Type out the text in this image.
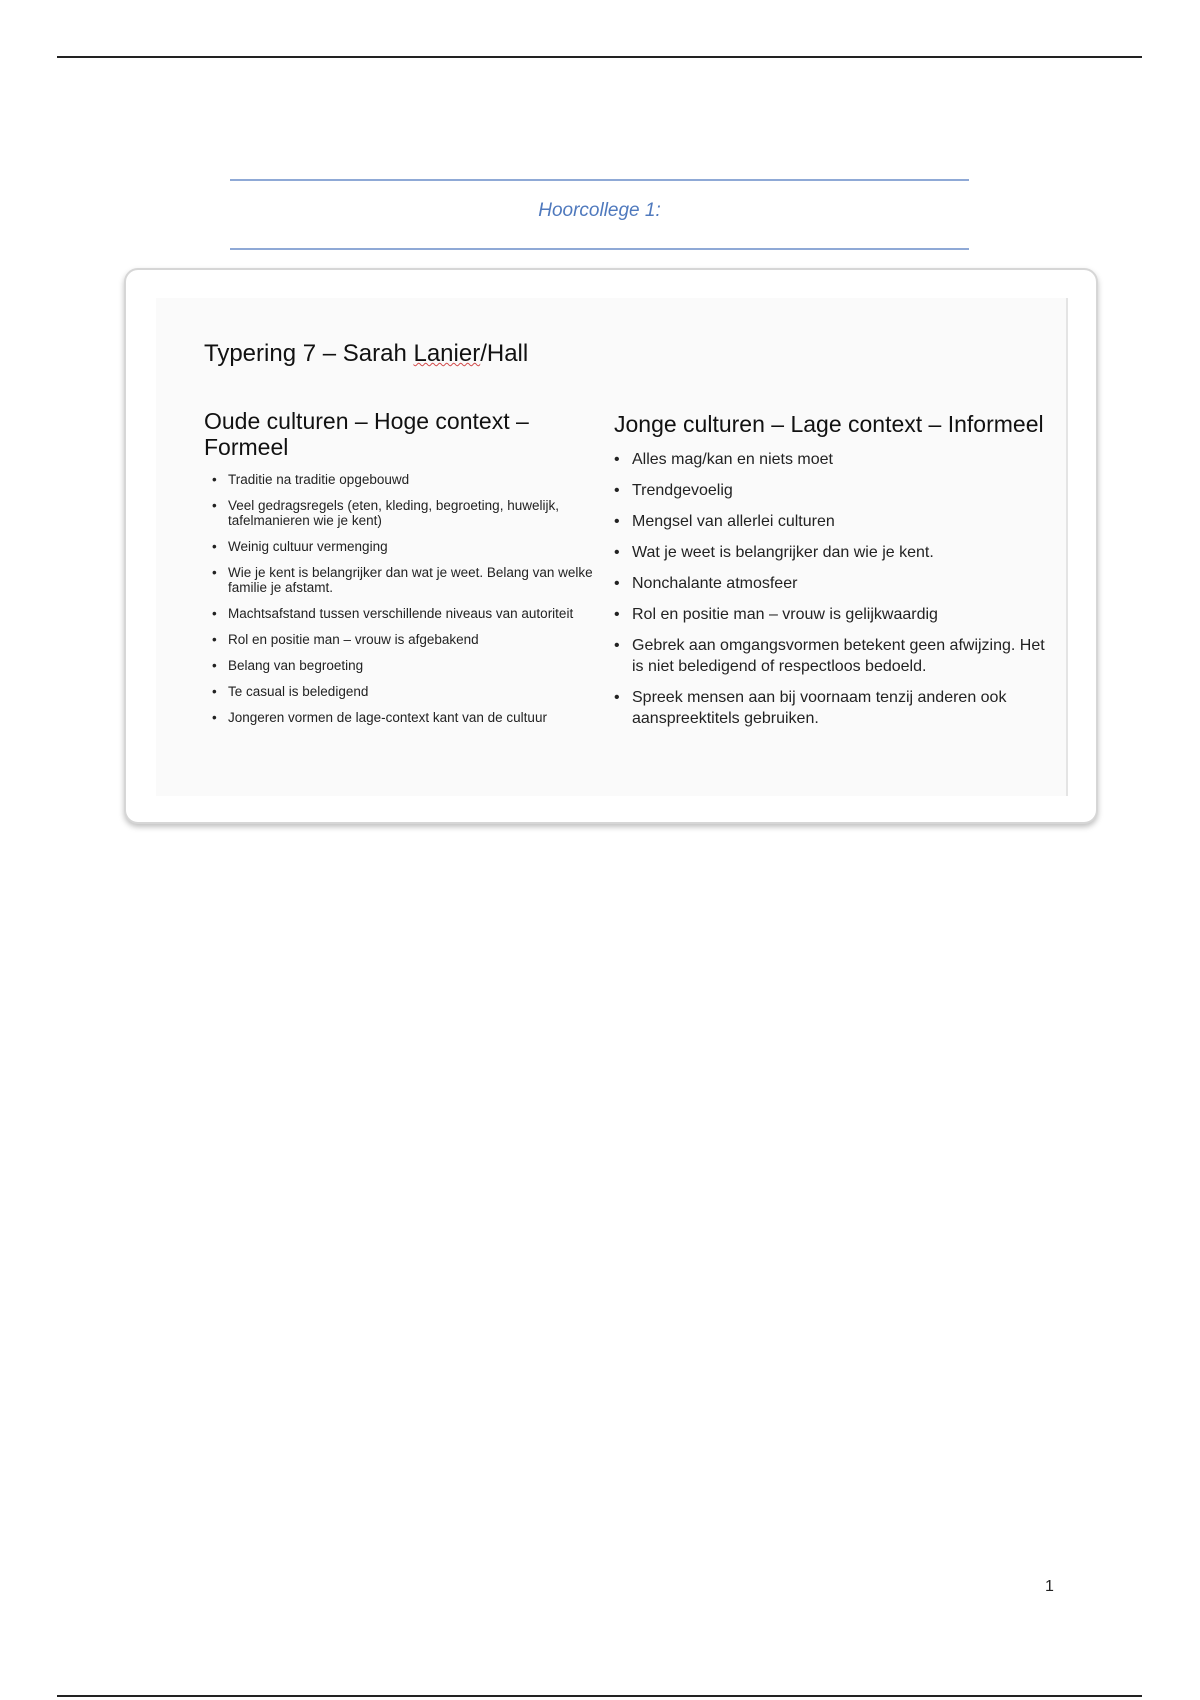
Hoorcollege 1:
Typering 7 – Sarah Lanier/Hall
Oude culturen – Hoge context – Formeel
• Traditie na traditie opgebouwd
• Veel gedragsregels (eten, kleding, begroeting, huwelijk, tafelmanieren wie je kent)
• Weinig cultuur vermenging
• Wie je kent is belangrijker dan wat je weet. Belang van welke familie je afstamt.
• Machtsafstand tussen verschillende niveaus van autoriteit
• Rol en positie man – vrouw is afgebakend
• Belang van begroeting
• Te casual is beledigend
• Jongeren vormen de lage-context kant van de cultuur
Jonge culturen – Lage context – Informeel
• Alles mag/kan en niets moet
• Trendgevoelig
• Mengsel van allerlei culturen
• Wat je weet is belangrijker dan wie je kent.
• Nonchalante atmosfeer
• Rol en positie man – vrouw is gelijkwaardig
• Gebrek aan omgangsvormen betekent geen afwijzing. Het is niet beledigend of respectloos bedoeld.
• Spreek mensen aan bij voornaam tenzij anderen ook aanspreektitels gebruiken.
1
